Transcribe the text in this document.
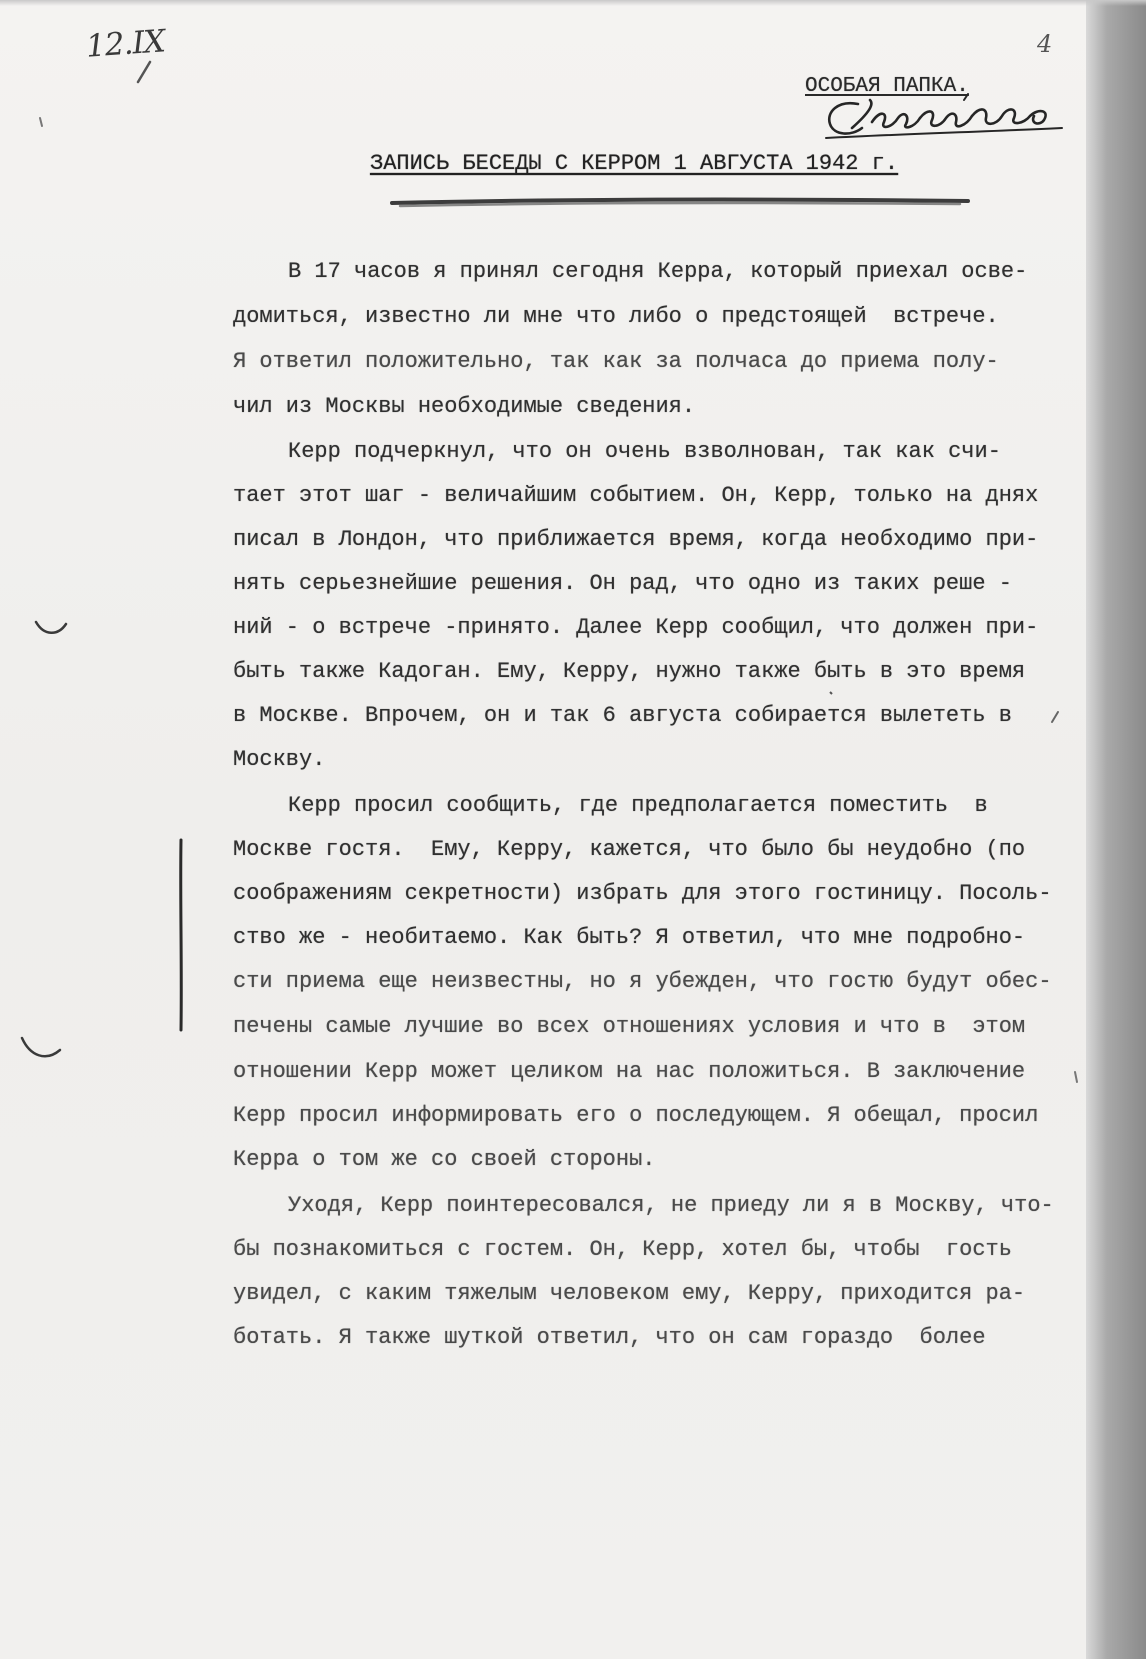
12.IX	4
ОСОБАЯ ПАПКА.
ЗАПИСЬ БЕСЕДЫ С КЕРРОМ 1 АВГУСТА 1942 г.
В 17 часов я принял сегодня Керра, который приехал осве-
домиться, известно ли мне что либо о предстоящей  встрече.
Я ответил положительно, так как за полчаса до приема полу-
чил из Москвы необходимые сведения.
Керр подчеркнул, что он очень взволнован, так как счи-
тает этот шаг - величайшим событием. Он, Керр, только на днях
писал в Лондон, что приближается время, когда необходимо при-
нять серьезнейшие решения. Он рад, что одно из таких реше -
ний - о встрече -принято. Далее Керр сообщил, что должен при-
быть также Кадоган. Ему, Керру, нужно также быть в это время
в Москве. Впрочем, он и так 6 августа собирается вылететь в
Москву.
Керр просил сообщить, где предполагается поместить  в
Москве гостя.  Ему, Керру, кажется, что было бы неудобно (по
соображениям секретности) избрать для этого гостиницу. Посоль-
ство же - необитаемо. Как быть? Я ответил, что мне подробно-
сти приема еще неизвестны, но я убежден, что гостю будут обес-
печены самые лучшие во всех отношениях условия и что в  этом
отношении Керр может целиком на нас положиться. В заключение
Керр просил информировать его о последующем. Я обещал, просил
Керра о том же со своей стороны.
Уходя, Керр поинтересовался, не приеду ли я в Москву, что-
бы познакомиться с гостем. Он, Керр, хотел бы, чтобы  гость
увидел, с каким тяжелым человеком ему, Керру, приходится ра-
ботать. Я также шуткой ответил, что он сам гораздо  более
